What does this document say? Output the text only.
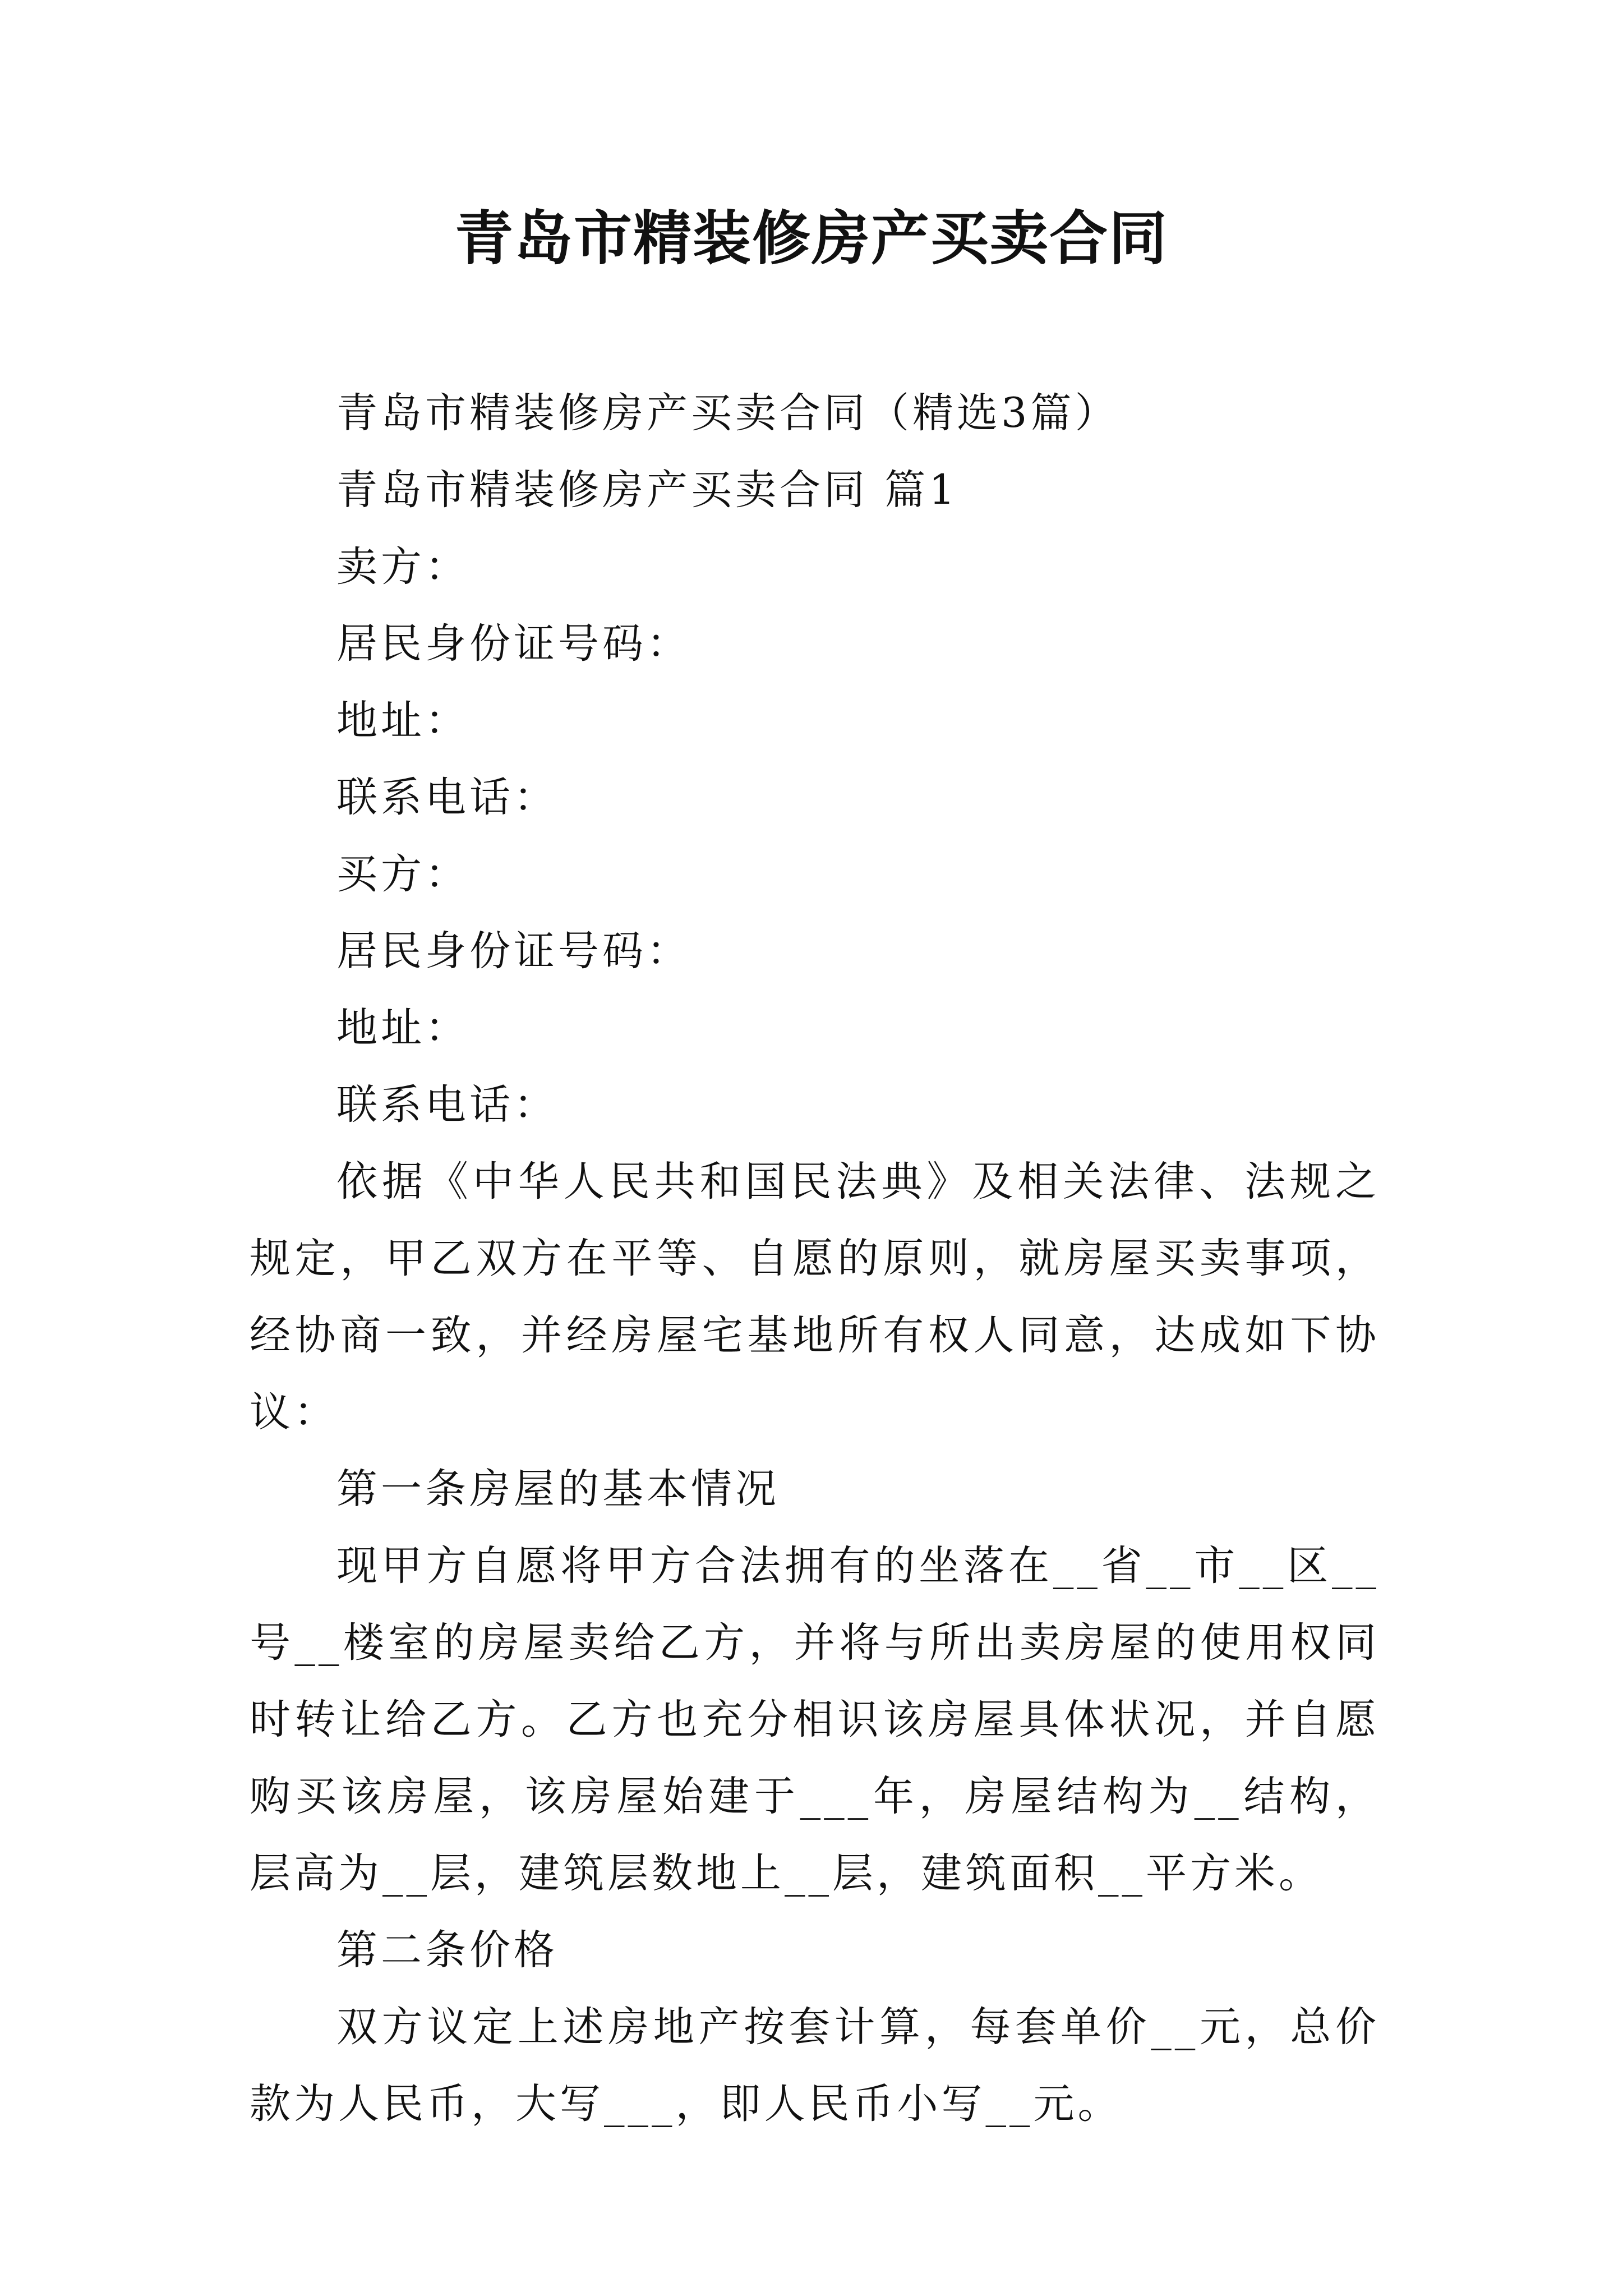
青岛市精装修房产买卖合同

青岛市精装修房产买卖合同（精选3篇）

青岛市精装修房产买卖合同 篇1

卖方：

居民身份证号码：

地址：

联系电话：

买方：

居民身份证号码：

地址：

联系电话：

依据《中华人民共和国民法典》及相关法律、法规之规定，甲乙双方在平等、自愿的原则，就房屋买卖事项，经协商一致，并经房屋宅基地所有权人同意，达成如下协议：

第一条房屋的基本情况

现甲方自愿将甲方合法拥有的坐落在__省__市__区__号__楼室的房屋卖给乙方，并将与所出卖房屋的使用权同时转让给乙方。乙方也充分相识该房屋具体状况，并自愿购买该房屋，该房屋始建于___年，房屋结构为__结构，层高为__层，建筑层数地上__层，建筑面积__平方米。

第二条价格

双方议定上述房地产按套计算，每套单价__元，总价款为人民币，大写___，即人民币小写__元。
